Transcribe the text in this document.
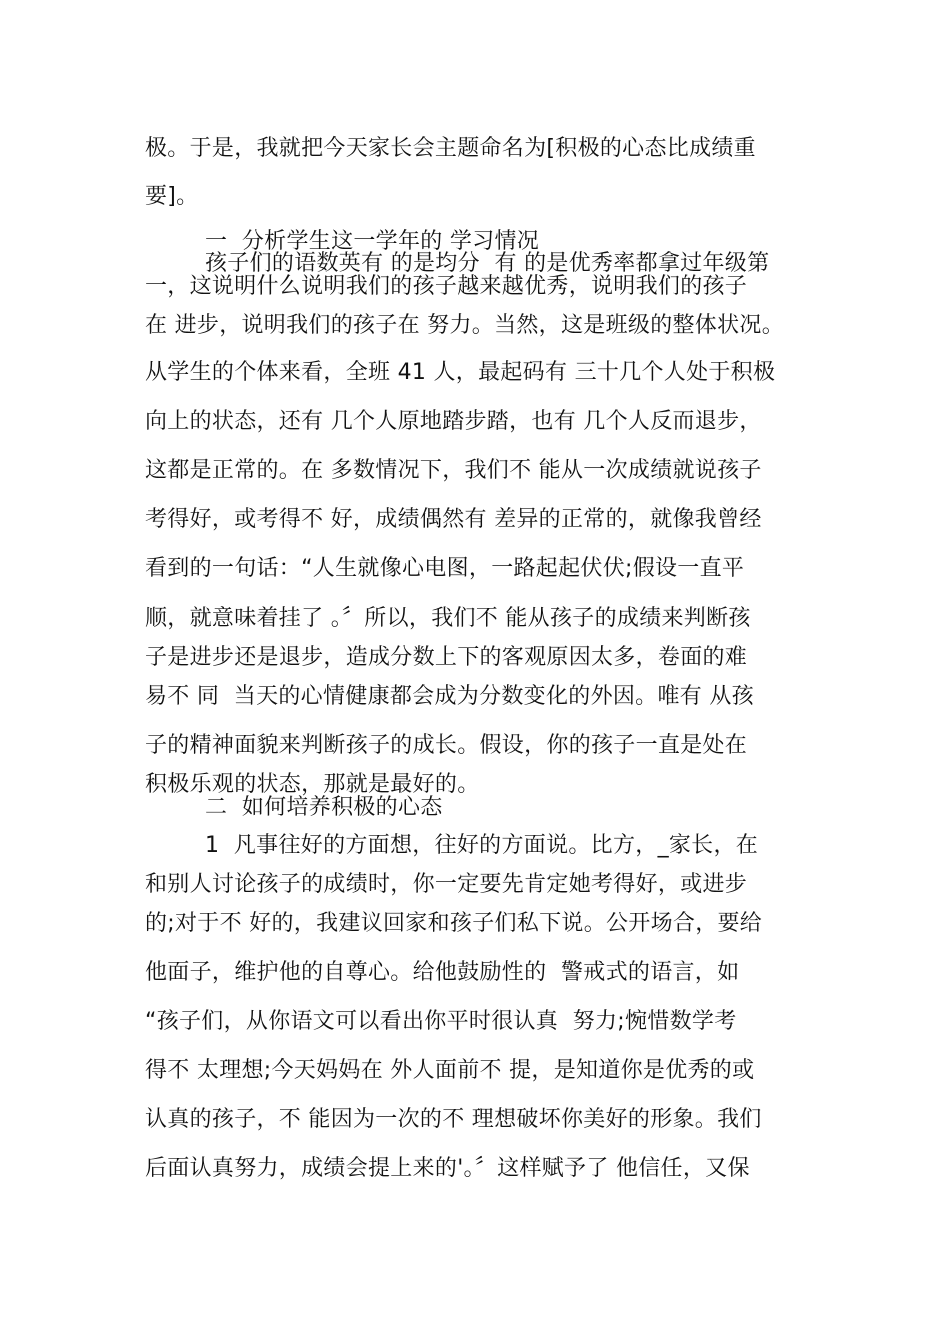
极。于是，我就把今天家长会主题命名为[积极的心态比成绩重
要]。
一  分析学生这一学年的 学习情况
孩子们的语数英有 的是均分  有 的是优秀率都拿过年级第
一，这说明什么说明我们的孩子越来越优秀，说明我们的孩子
在 进步，说明我们的孩子在 努力。当然，这是班级的整体状况。
从学生的个体来看，全班 41 人，最起码有 三十几个人处于积极
向上的状态，还有 几个人原地踏步踏，也有 几个人反而退步，
这都是正常的。在 多数情况下，我们不 能从一次成绩就说孩子
考得好，或考得不 好，成绩偶然有 差异的正常的，就像我曾经
看到的一句话：“人生就像心电图，一路起起伏伏;假设一直平
顺，就意味着挂了 。〞所以，我们不 能从孩子的成绩来判断孩
子是进步还是退步，造成分数上下的客观原因太多，卷面的难
易不 同  当天的心情健康都会成为分数变化的外因。唯有 从孩
子的精神面貌来判断孩子的成长。假设，你的孩子一直是处在
积极乐观的状态，那就是最好的。
二  如何培养积极的心态
1  凡事往好的方面想，往好的方面说。比方，_家长，在
和别人讨论孩子的成绩时，你一定要先肯定她考得好，或进步
的;对于不 好的，我建议回家和孩子们私下说。公开场合，要给
他面子，维护他的自尊心。给他鼓励性的  警戒式的语言，如
“孩子们，从你语文可以看出你平时很认真  努力;惋惜数学考
得不 太理想;今天妈妈在 外人面前不 提，是知道你是优秀的或
认真的孩子，不 能因为一次的不 理想破坏你美好的形象。我们
后面认真努力，成绩会提上来的'。〞这样赋予了 他信任，又保
